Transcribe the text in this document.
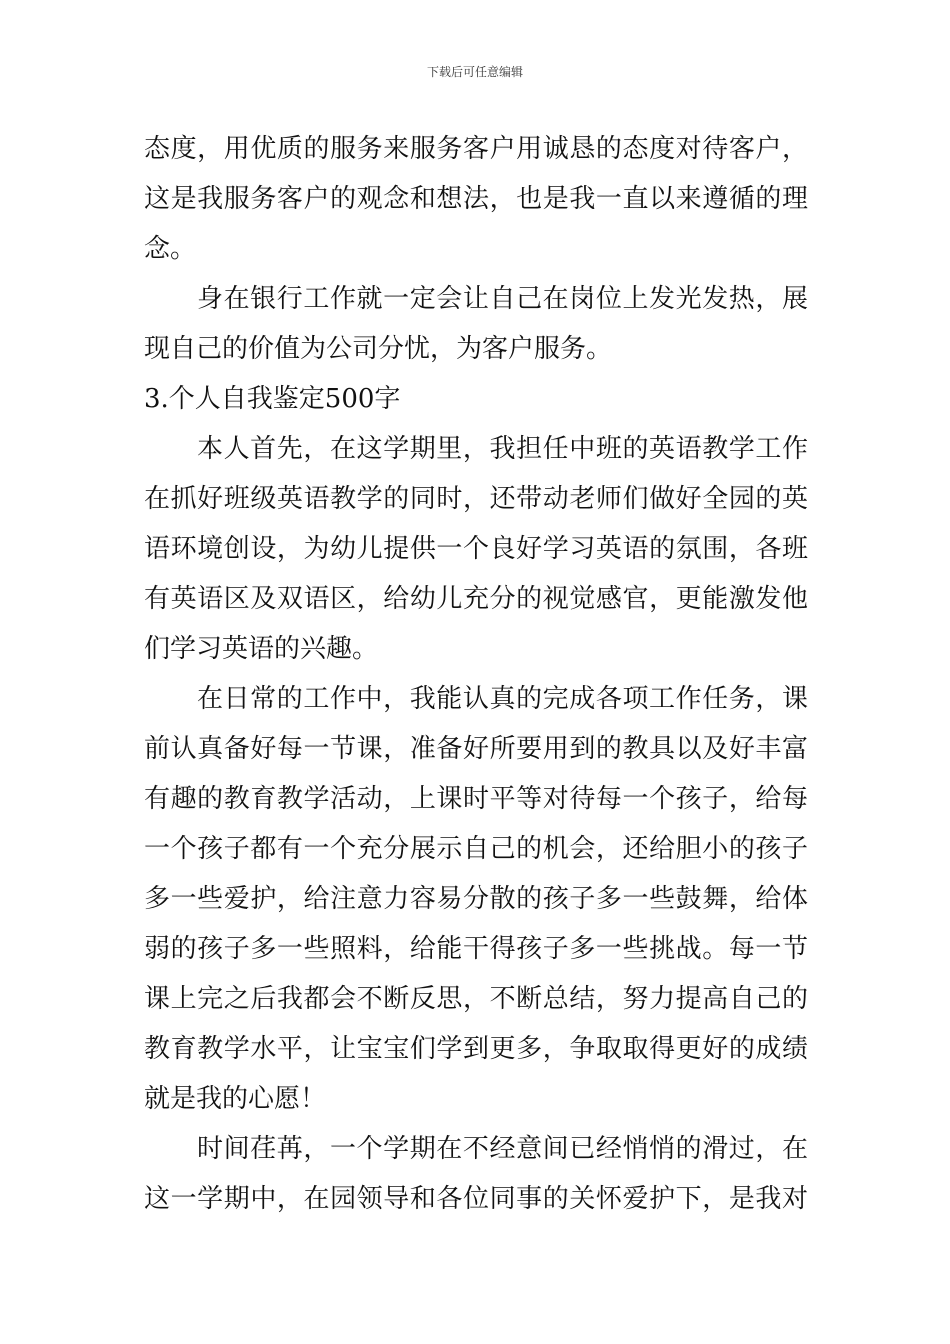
下载后可任意编辑
态度，用优质的服务来服务客户用诚恳的态度对待客户，
这是我服务客户的观念和想法，也是我一直以来遵循的理
念。
身在银行工作就一定会让自己在岗位上发光发热，展
现自己的价值为公司分忧，为客户服务。
3.个人自我鉴定500字
本人首先，在这学期里，我担任中班的英语教学工作
在抓好班级英语教学的同时，还带动老师们做好全园的英
语环境创设，为幼儿提供一个良好学习英语的氛围，各班
有英语区及双语区，给幼儿充分的视觉感官，更能激发他
们学习英语的兴趣。
在日常的工作中，我能认真的完成各项工作任务，课
前认真备好每一节课，准备好所要用到的教具以及好丰富
有趣的教育教学活动，上课时平等对待每一个孩子，给每
一个孩子都有一个充分展示自己的机会，还给胆小的孩子
多一些爱护，给注意力容易分散的孩子多一些鼓舞，给体
弱的孩子多一些照料，给能干得孩子多一些挑战。每一节
课上完之后我都会不断反思，不断总结，努力提高自己的
教育教学水平，让宝宝们学到更多，争取取得更好的成绩
就是我的心愿！
时间荏苒，一个学期在不经意间已经悄悄的滑过，在
这一学期中，在园领导和各位同事的关怀爱护下，是我对
